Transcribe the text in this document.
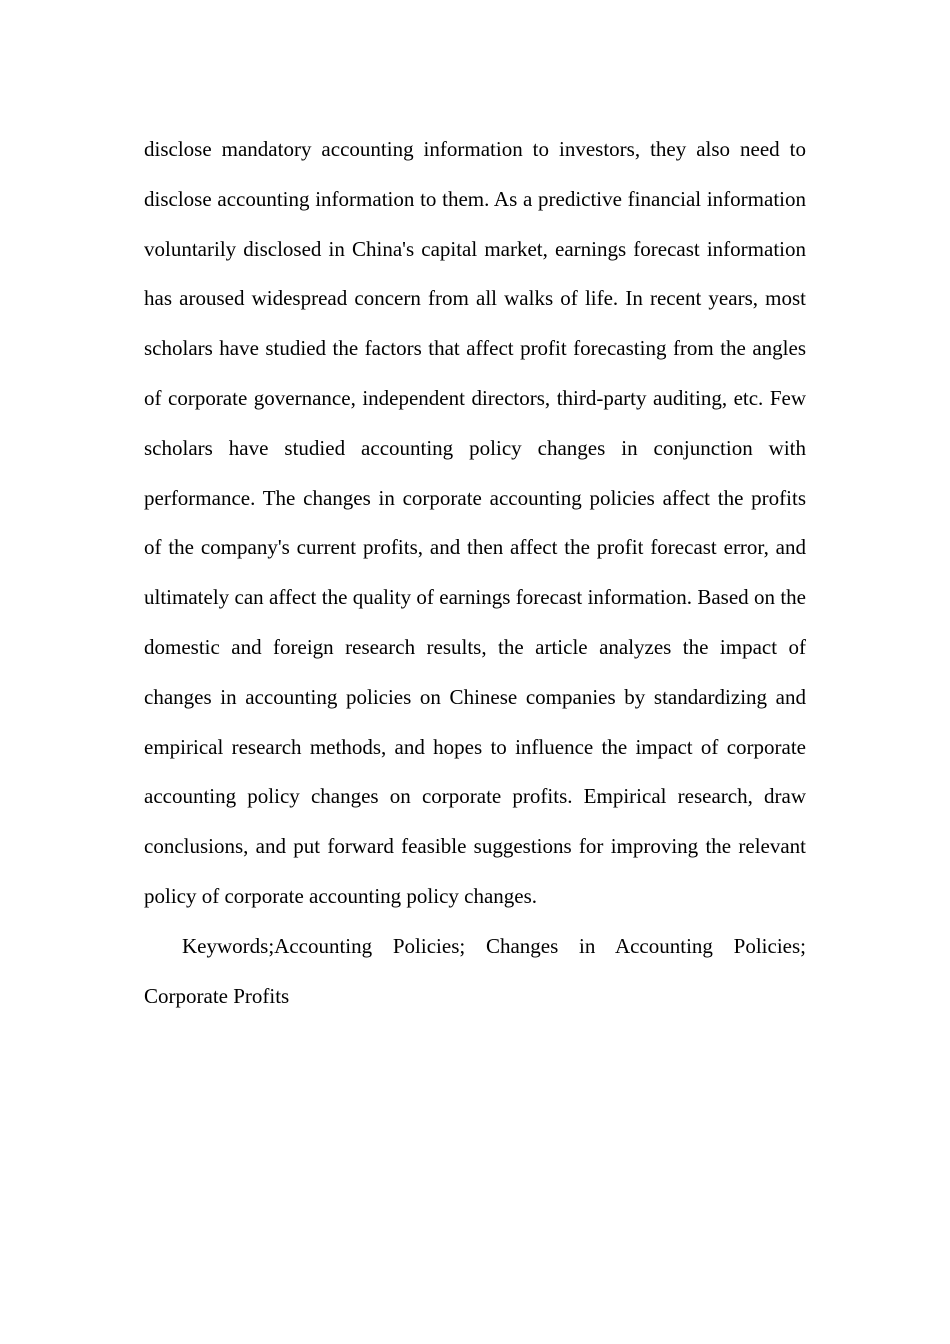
disclose mandatory accounting information to investors, they also need to disclose accounting information to them. As a predictive financial information voluntarily disclosed in China's capital market, earnings forecast information has aroused widespread concern from all walks of life. In recent years, most scholars have studied the factors that affect profit forecasting from the angles of corporate governance, independent directors, third-party auditing, etc. Few scholars have studied accounting policy changes in conjunction with performance. The changes in corporate accounting policies affect the profits of the company's current profits, and then affect the profit forecast error, and ultimately can affect the quality of earnings forecast information. Based on the domestic and foreign research results, the article analyzes the impact of changes in accounting policies on Chinese companies by standardizing and empirical research methods, and hopes to influence the impact of corporate accounting policy changes on corporate profits. Empirical research, draw conclusions, and put forward feasible suggestions for improving the relevant policy of corporate accounting policy changes.

Keywords;Accounting Policies; Changes in Accounting Policies; Corporate Profits
